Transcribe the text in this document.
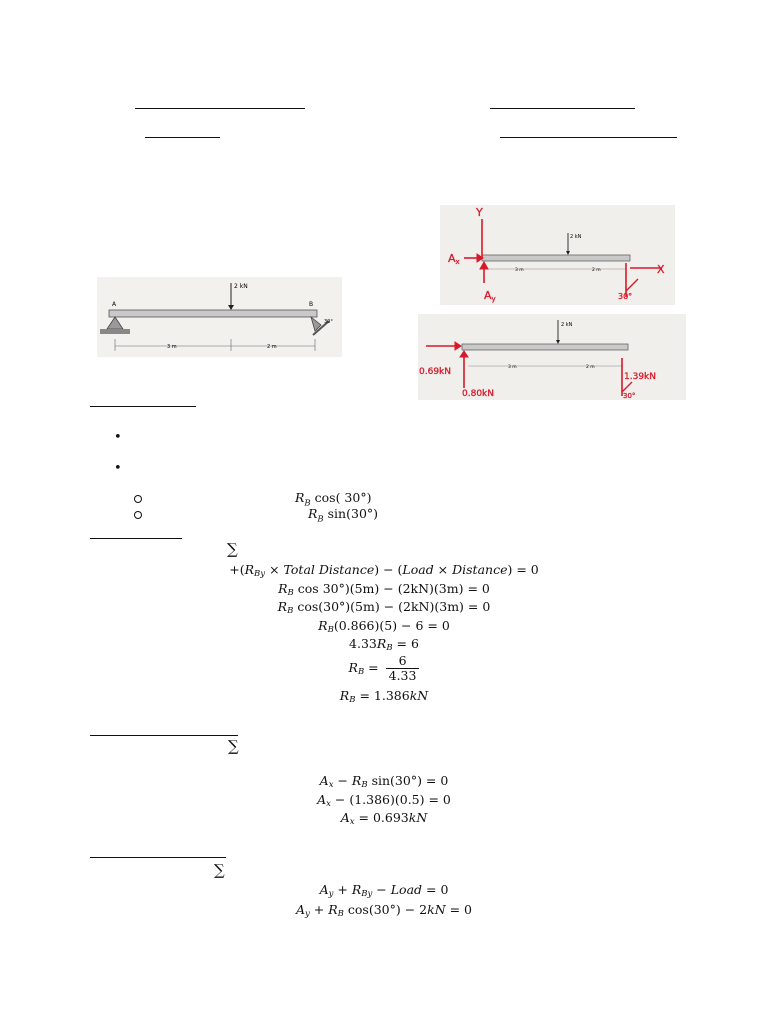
2 kN
A	B
30°
3 m	2 m
2 kN
3 m	2 m
Y
Ax
Ay
X
30°
2 kN
3 m	2 m
0.69kN
0.80kN
1.39kN
30°
•
•
$R_B$ cos( 30°)
$R_B$ sin(30°)
∑
$+(R_{By}$ × Total Distance) − (Load × Distance) = 0
$R_B$ cos 30°)(5m) − (2kN)(3m) = 0
$R_B$ cos(30°)(5m) − (2kN)(3m) = 0
$R_B(0.866)(5) - 6 = 0$
$4.33R_B = 6$
$R_B = \frac{6}{4.33}$
$R_B = 1.386kN$
∑
$A_x - R_B$ sin(30°) = 0
$A_x - (1.386)(0.5) = 0$
$A_x = 0.693kN$
∑
$A_y + R_{By}$ − Load = 0
$A_y + R_B$ cos(30°) − 2kN = 0
